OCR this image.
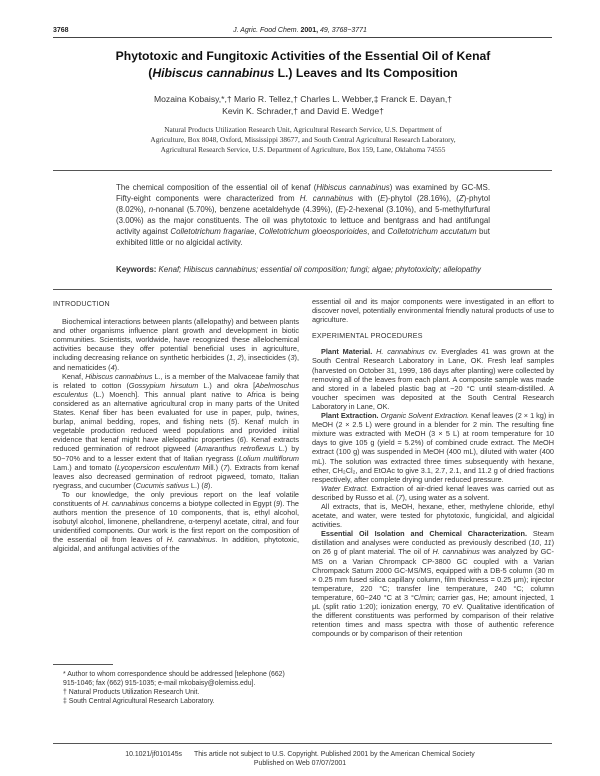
3768	J. Agric. Food Chem. 2001, 49, 3768−3771
Phytotoxic and Fungitoxic Activities of the Essential Oil of Kenaf
(Hibiscus cannabinus L.) Leaves and Its Composition
Mozaina Kobaisy,*,† Mario R. Tellez,† Charles L. Webber,‡ Franck E. Dayan,†
Kevin K. Schrader,† and David E. Wedge†
Natural Products Utilization Research Unit, Agricultural Research Service, U.S. Department of
Agriculture, Box 8048, Oxford, Mississippi 38677, and South Central Agricultural Research Laboratory,
Agricultural Research Service, U.S. Department of Agriculture, Box 159, Lane, Oklahoma 74555
The chemical composition of the essential oil of kenaf (Hibiscus cannabinus) was examined by GC-MS. Fifty-eight components were characterized from H. cannabinus with (E)-phytol (28.16%), (Z)-phytol (8.02%), n-nonanal (5.70%), benzene acetaldehyde (4.39%), (E)-2-hexenal (3.10%), and 5-methylfurfural (3.00%) as the major constituents. The oil was phytotoxic to lettuce and bentgrass and had antifungal activity against Colletotrichum fragariae, Colletotrichum gloeosporioides, and Colletotrichum accutatum but exhibited little or no algicidal activity.
Keywords: Kenaf; Hibiscus cannabinus; essential oil composition; fungi; algae; phytotoxicity; allelopathy

INTRODUCTION

Biochemical interactions between plants (allelopathy) and between plants and other organisms influence plant growth and development in biotic communities. Scientists, worldwide, have recognized these allelochemical activities because they offer potential beneficial uses in agriculture, including decreasing reliance on synthetic herbicides (1, 2), insecticides (3), and nematicides (4).

Kenaf, Hibiscus cannabinus L., is a member of the Malvaceae family that is related to cotton (Gossypium hirsutum L.) and okra [Abelmoschus esculentus (L.) Moench]. This annual plant native to Africa is being considered as an alternative agricultural crop in many parts of the United States. Kenaf fiber has been evaluated for use in paper, pulp, twines, burlap, animal bedding, ropes, and fishing nets (5). Kenaf mulch in vegetable production reduced weed populations and provided initial evidence that kenaf might have allelopathic properties (6). Kenaf extracts reduced germination of redroot pigweed (Amaranthus retroflexus L.) by 50−70% and to a lesser extent that of Italian ryegrass (Lolium multiflorum Lam.) and tomato (Lycopersicon esculentum Mill.) (7). Extracts from kenaf leaves also decreased germination of redroot pigweed, tomato, Italian ryegrass, and cucumber (Cucumis sativus L.) (8).

To our knowledge, the only previous report on the leaf volatile constituents of H. cannabinus concerns a biotype collected in Egypt (9). The authors mention the presence of 10 components, that is, ethyl alcohol, isobutyl alcohol, limonene, phellandrene, α-terpenyl acetate, citral, and four unidentified components. Our work is the first report on the composition of the essential oil from leaves of H. cannabinus. In addition, phytotoxic, algicidal, and antifungal activities of the

essential oil and its major components were investigated in an effort to discover novel, potentially environmental friendly natural products of use to agriculture.

EXPERIMENTAL PROCEDURES

Plant Material. H. cannabinus cv. Everglades 41 was grown at the South Central Research Laboratory in Lane, OK. Fresh leaf samples (harvested on October 31, 1999, 186 days after planting) were collected by removing all of the leaves from each plant. A composite sample was made and stored in a labeled plastic bag at −20 °C until steam-distilled. A voucher specimen was deposited at the South Central Research Laboratory in Lane, OK.

Plant Extraction. Organic Solvent Extraction. Kenaf leaves (2 × 1 kg) in MeOH (2 × 2.5 L) were ground in a blender for 2 min. The resulting fine mixture was extracted with MeOH (3 × 5 L) at room temperature for 10 days to give 105 g (yield = 5.2%) of combined crude extract. The MeOH extract (100 g) was suspended in MeOH (400 mL), diluted with water (400 mL). The solution was extracted three times subsequently with hexane, ether, CH₂Cl₂, and EtOAc to give 3.1, 2.7, 2.1, and 11.2 g of dried fractions respectively, after complete drying under reduced pressure.

Water Extract. Extraction of air-dried kenaf leaves was carried out as described by Russo et al. (7), using water as a solvent.

All extracts, that is, MeOH, hexane, ether, methylene chloride, ethyl acetate, and water, were tested for phytotoxic, fungicidal, and algicidal activities.

Essential Oil Isolation and Chemical Characterization. Steam distillation and analyses were conducted as previously described (10, 11) on 26 g of plant material. The oil of H. cannabinus was analyzed by GC-MS on a Varian Chrompack CP-3800 GC coupled with a Varian Chrompack Saturn 2000 GC-MS/MS, equipped with a DB-5 column (30 m × 0.25 mm fused silica capillary column, film thickness = 0.25 μm); injector temperature, 220 °C; transfer line temperature, 240 °C; column temperature, 60−240 °C at 3 °C/min; carrier gas, He; amount injected, 1 μL (split ratio 1:20); ionization energy, 70 eV. Qualitative identification of the different constituents was performed by comparison of their relative retention times and mass spectra with those of authentic reference compounds or by comparison of their retention

* Author to whom correspondence should be addressed [telephone (662) 915-1046; fax (662) 915-1035; e-mail mkobaisy@olemiss.edu].

† Natural Products Utilization Research Unit.

‡ South Central Agricultural Research Laboratory.

10.1021/jf010145s This article not subject to U.S. Copyright. Published 2001 by the American Chemical Society
Published on Web 07/07/2001
